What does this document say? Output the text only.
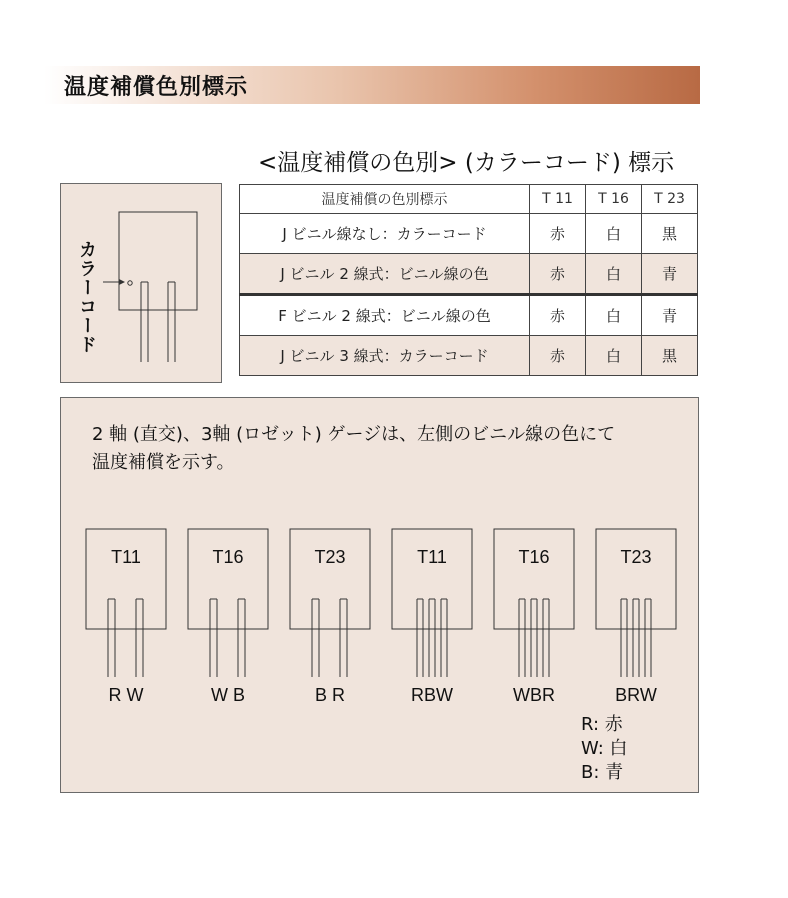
温度補償色別標示
<温度補償の色別> (カラーコード) 標示
カラーコード
温度補償の色別標示	T 11	T 16	T 23
J ビニル線なし：カラーコード	赤	白	黒
J ビニル 2 線式：ビニル線の色	赤	白	青
F ビニル 2 線式：ビニル線の色	赤	白	青
J ビニル 3 線式：カラーコード	赤	白	黒
2 軸 (直交)、3軸 (ロゼット) ゲージは、左側のビニル線の色にて
温度補償を示す。
T11
R W
T16
W B
T23
B R
T11
RBW
T16
WBR
T23
BRW
R: 赤
W: 白
B: 青
